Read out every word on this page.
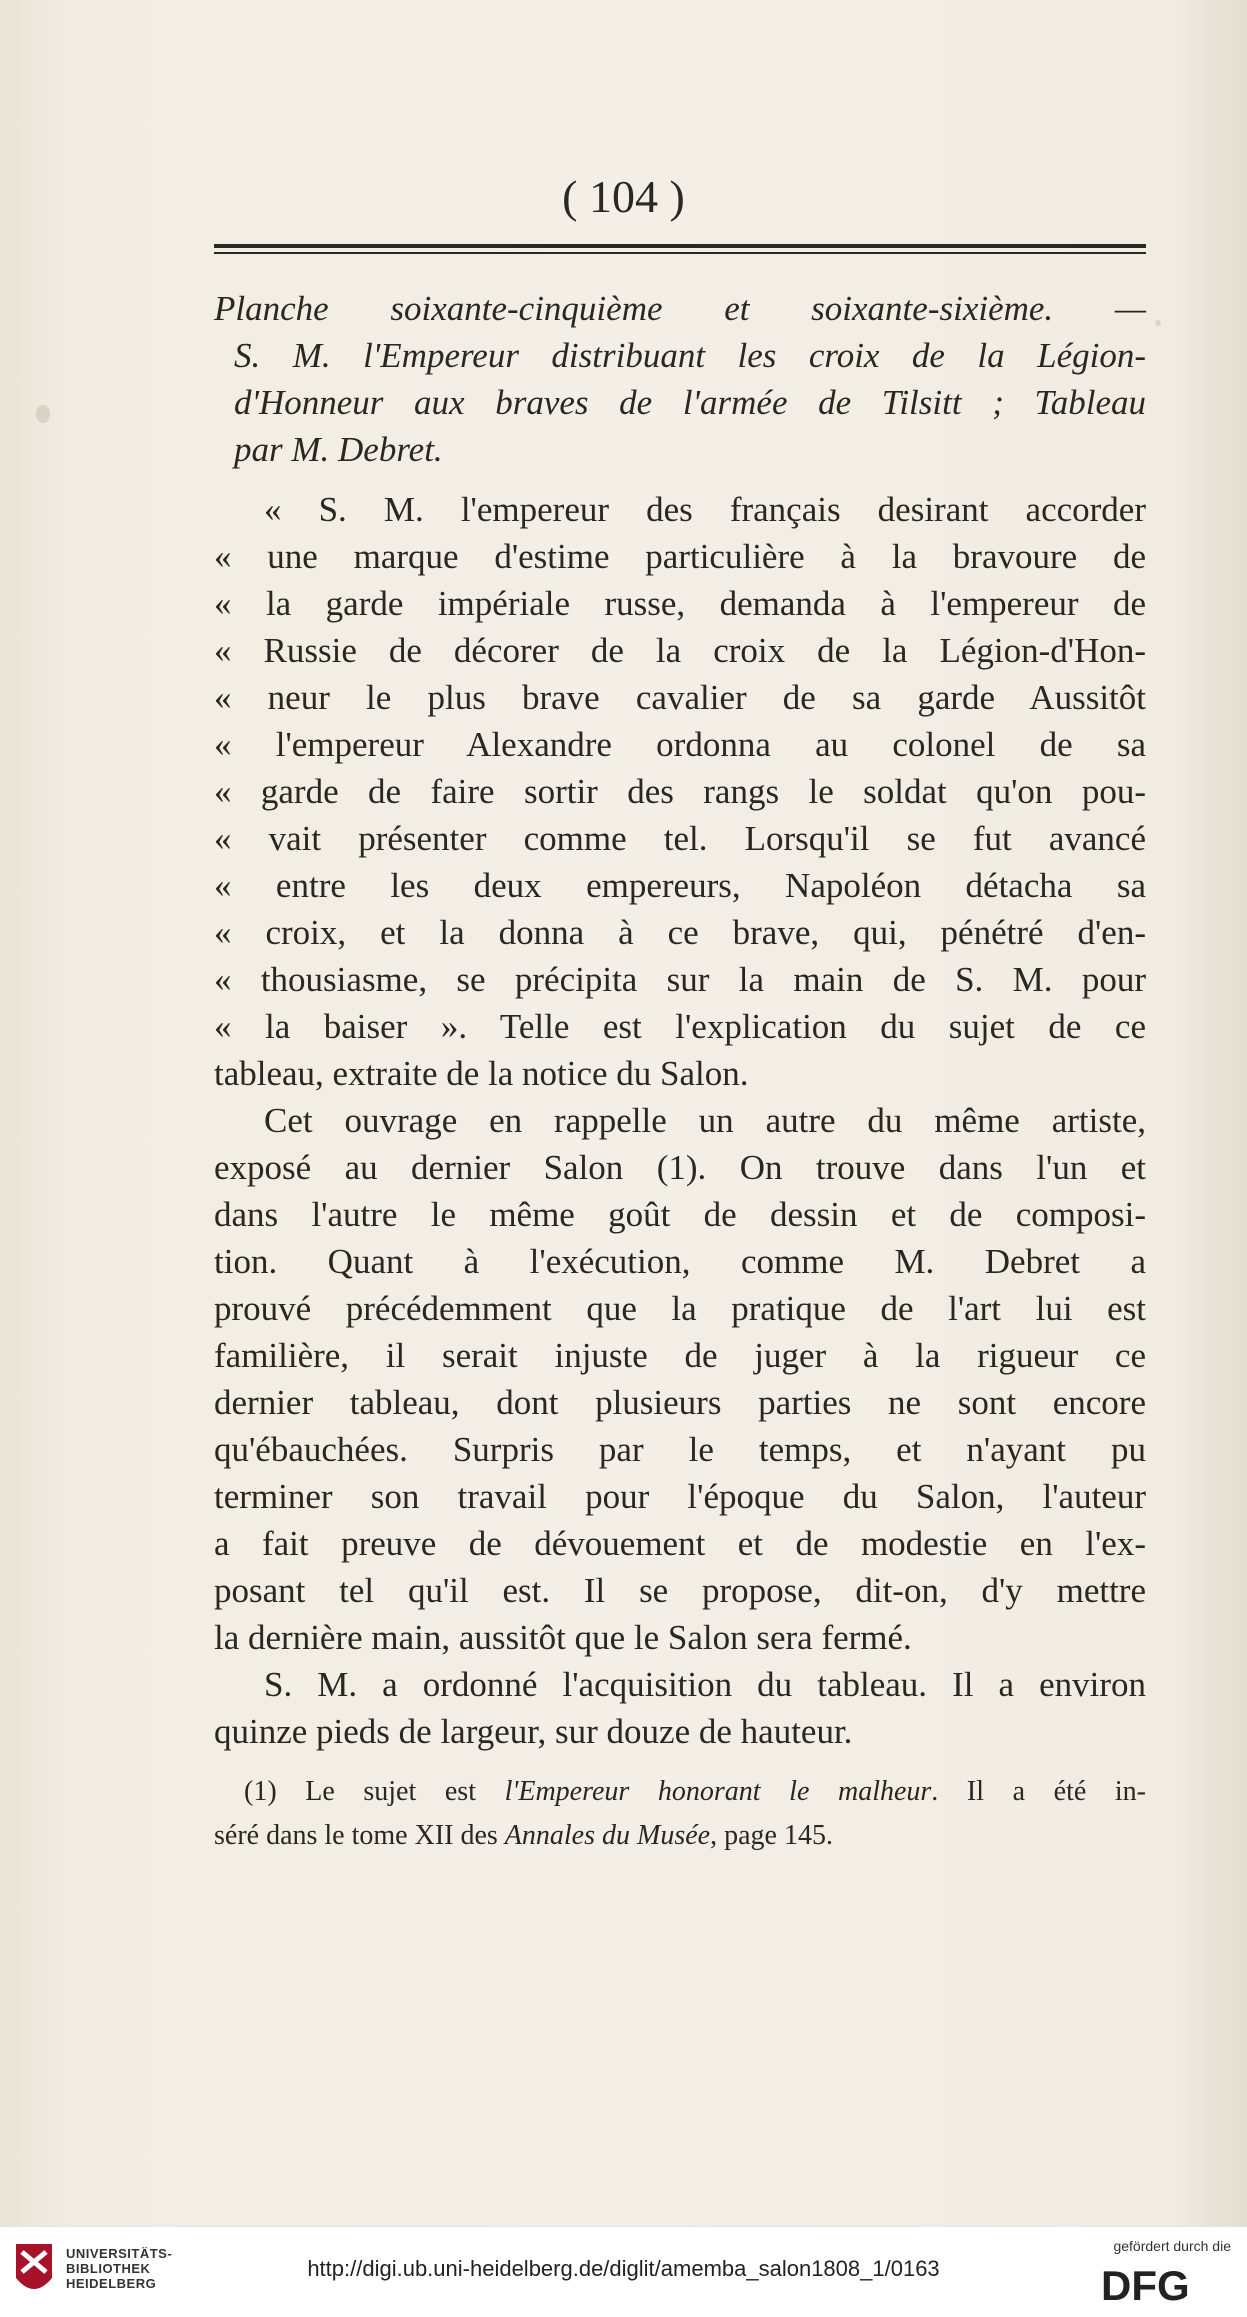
( 104 )
Planche soixante-cinquième et soixante-sixième. —
S. M. l'Empereur distribuant les croix de la Légion-
d'Honneur aux braves de l'armée de Tilsitt ; Tableau
par M. Debret.
« S. M. l'empereur des français desirant accorder
« une marque d'estime particulière à la bravoure de
« la garde impériale russe, demanda à l'empereur de
« Russie de décorer de la croix de la Légion-d'Hon-
« neur le plus brave cavalier de sa garde Aussitôt
« l'empereur Alexandre ordonna au colonel de sa
« garde de faire sortir des rangs le soldat qu'on pou-
« vait présenter comme tel. Lorsqu'il se fut avancé
« entre les deux empereurs, Napoléon détacha sa
« croix, et la donna à ce brave, qui, pénétré d'en-
« thousiasme, se précipita sur la main de S. M. pour
« la baiser ». Telle est l'explication du sujet de ce
tableau, extraite de la notice du Salon.
Cet ouvrage en rappelle un autre du même artiste,
exposé au dernier Salon (1). On trouve dans l'un et
dans l'autre le même goût de dessin et de composi-
tion. Quant à l'exécution, comme M. Debret a
prouvé précédemment que la pratique de l'art lui est
familière, il serait injuste de juger à la rigueur ce
dernier tableau, dont plusieurs parties ne sont encore
qu'ébauchées. Surpris par le temps, et n'ayant pu
terminer son travail pour l'époque du Salon, l'auteur
a fait preuve de dévouement et de modestie en l'ex-
posant tel qu'il est. Il se propose, dit-on, d'y mettre
la dernière main, aussitôt que le Salon sera fermé.
S. M. a ordonné l'acquisition du tableau. Il a environ
quinze pieds de largeur, sur douze de hauteur.
(1) Le sujet est l'Empereur honorant le malheur. Il a été in-
séré dans le tome XII des Annales du Musée, page 145.
UNIVERSITÄTS-
BIBLIOTHEK
HEIDELBERG
http://digi.ub.uni-heidelberg.de/diglit/amemba_salon1808_1/0163
gefördert durch die
DFG
